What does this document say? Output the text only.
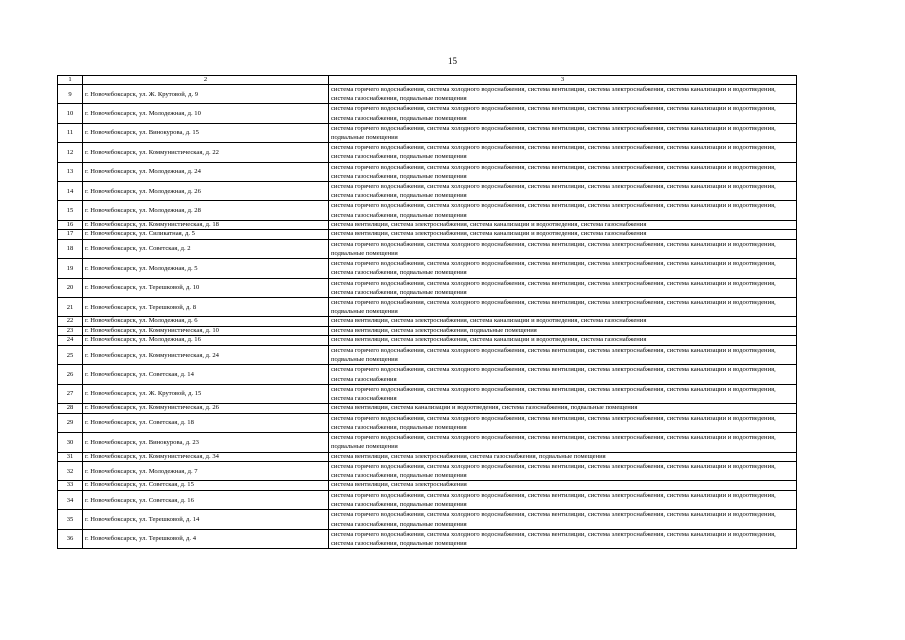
15
1	2	3
9	г. Новочебоксарск, ул. Ж. Крутовой, д. 9	система горячего водоснабжения, система холодного водоснабжения, система вентиляции, система электроснабжения, система канализации и водоотведения, система газоснабжения, подвальные помещения
10	г. Новочебоксарск, ул. Молодежная, д. 10	система горячего водоснабжения, система холодного водоснабжения, система вентиляции, система электроснабжения, система канализации и водоотведения, система газоснабжения, подвальные помещения
11	г. Новочебоксарск, ул. Винокурова, д. 15	система горячего водоснабжения, система холодного водоснабжения, система вентиляции, система электроснабжения, система канализации и водоотведения, подвальные помещения
12	г. Новочебоксарск, ул. Коммунистическая, д. 22	система горячего водоснабжения, система холодного водоснабжения, система вентиляции, система электроснабжения, система канализации и водоотведения, система газоснабжения, подвальные помещения
13	г. Новочебоксарск, ул. Молодежная, д. 24	система горячего водоснабжения, система холодного водоснабжения, система вентиляции, система электроснабжения, система канализации и водоотведения, система газоснабжения, подвальные помещения
14	г. Новочебоксарск, ул. Молодежная, д. 26	система горячего водоснабжения, система холодного водоснабжения, система вентиляции, система электроснабжения, система канализации и водоотведения, система газоснабжения, подвальные помещения
15	г. Новочебоксарск, ул. Молодежная, д. 28	система горячего водоснабжения, система холодного водоснабжения, система вентиляции, система электроснабжения, система канализации и водоотведения, система газоснабжения, подвальные помещения
16	г. Новочебоксарск, ул. Коммунистическая, д. 18	система вентиляции, система электроснабжения, система канализации и водоотведения, система газоснабжения
17	г. Новочебоксарск, ул. Силикатная, д. 5	система вентиляции, система электроснабжения, система канализации и водоотведения, система газоснабжения
18	г. Новочебоксарск, ул. Советская, д. 2	система горячего водоснабжения, система холодного водоснабжения, система вентиляции, система электроснабжения, система канализации и водоотведения, подвальные помещения
19	г. Новочебоксарск, ул. Молодежная, д. 5	система горячего водоснабжения, система холодного водоснабжения, система вентиляции, система электроснабжения, система канализации и водоотведения, система газоснабжения, подвальные помещения
20	г. Новочебоксарск, ул. Терешковой, д. 10	система горячего водоснабжения, система холодного водоснабжения, система вентиляции, система электроснабжения, система канализации и водоотведения, система газоснабжения, подвальные помещения
21	г. Новочебоксарск, ул. Терешковой, д. 8	система горячего водоснабжения, система холодного водоснабжения, система вентиляции, система электроснабжения, система канализации и водоотведения, подвальные помещения
22	г. Новочебоксарск, ул. Молодежная, д. 6	система вентиляции, система электроснабжения, система канализации и водоотведения, система газоснабжения
23	г. Новочебоксарск, ул. Коммунистическая, д. 10	система вентиляции, система электроснабжения, подвальные помещения
24	г. Новочебоксарск, ул. Молодежная, д. 16	система вентиляции, система электроснабжения, система канализации и водоотведения, система газоснабжения
25	г. Новочебоксарск, ул. Коммунистическая, д. 24	система горячего водоснабжения, система холодного водоснабжения, система вентиляции, система электроснабжения, система канализации и водоотведения, подвальные помещения
26	г. Новочебоксарск, ул. Советская, д. 14	система горячего водоснабжения, система холодного водоснабжения, система вентиляции, система электроснабжения, система канализации и водоотведения, система газоснабжения
27	г. Новочебоксарск, ул. Ж. Крутовой, д. 15	система горячего водоснабжения, система холодного водоснабжения, система вентиляции, система электроснабжения, система канализации и водоотведения, система газоснабжения
28	г. Новочебоксарск, ул. Коммунистическая, д. 26	система вентиляции, система канализации и водоотведения, система газоснабжения, подвальные помещения
29	г. Новочебоксарск, ул. Советская, д. 18	система горячего водоснабжения, система холодного водоснабжения, система вентиляции, система электроснабжения, система канализации и водоотведения, система газоснабжения, подвальные помещения
30	г. Новочебоксарск, ул. Винокурова, д. 23	система горячего водоснабжения, система холодного водоснабжения, система вентиляции, система электроснабжения, система канализации и водоотведения, подвальные помещения
31	г. Новочебоксарск, ул. Коммунистическая, д. 34	система вентиляции, система электроснабжения, система газоснабжения, подвальные помещения
32	г. Новочебоксарск, ул. Молодежная, д. 7	система горячего водоснабжения, система холодного водоснабжения, система вентиляции, система электроснабжения, система канализации и водоотведения, система газоснабжения, подвальные помещения
33	г. Новочебоксарск, ул. Советская, д. 15	система вентиляции, система электроснабжения
34	г. Новочебоксарск, ул. Советская, д. 16	система горячего водоснабжения, система холодного водоснабжения, система вентиляции, система электроснабжения, система канализации и водоотведения, система газоснабжения, подвальные помещения
35	г. Новочебоксарск, ул. Терешковой, д. 14	система горячего водоснабжения, система холодного водоснабжения, система вентиляции, система электроснабжения, система канализации и водоотведения, система газоснабжения, подвальные помещения
36	г. Новочебоксарск, ул. Терешковой, д. 4	система горячего водоснабжения, система холодного водоснабжения, система вентиляции, система электроснабжения, система канализации и водоотведения, система газоснабжения, подвальные помещения
